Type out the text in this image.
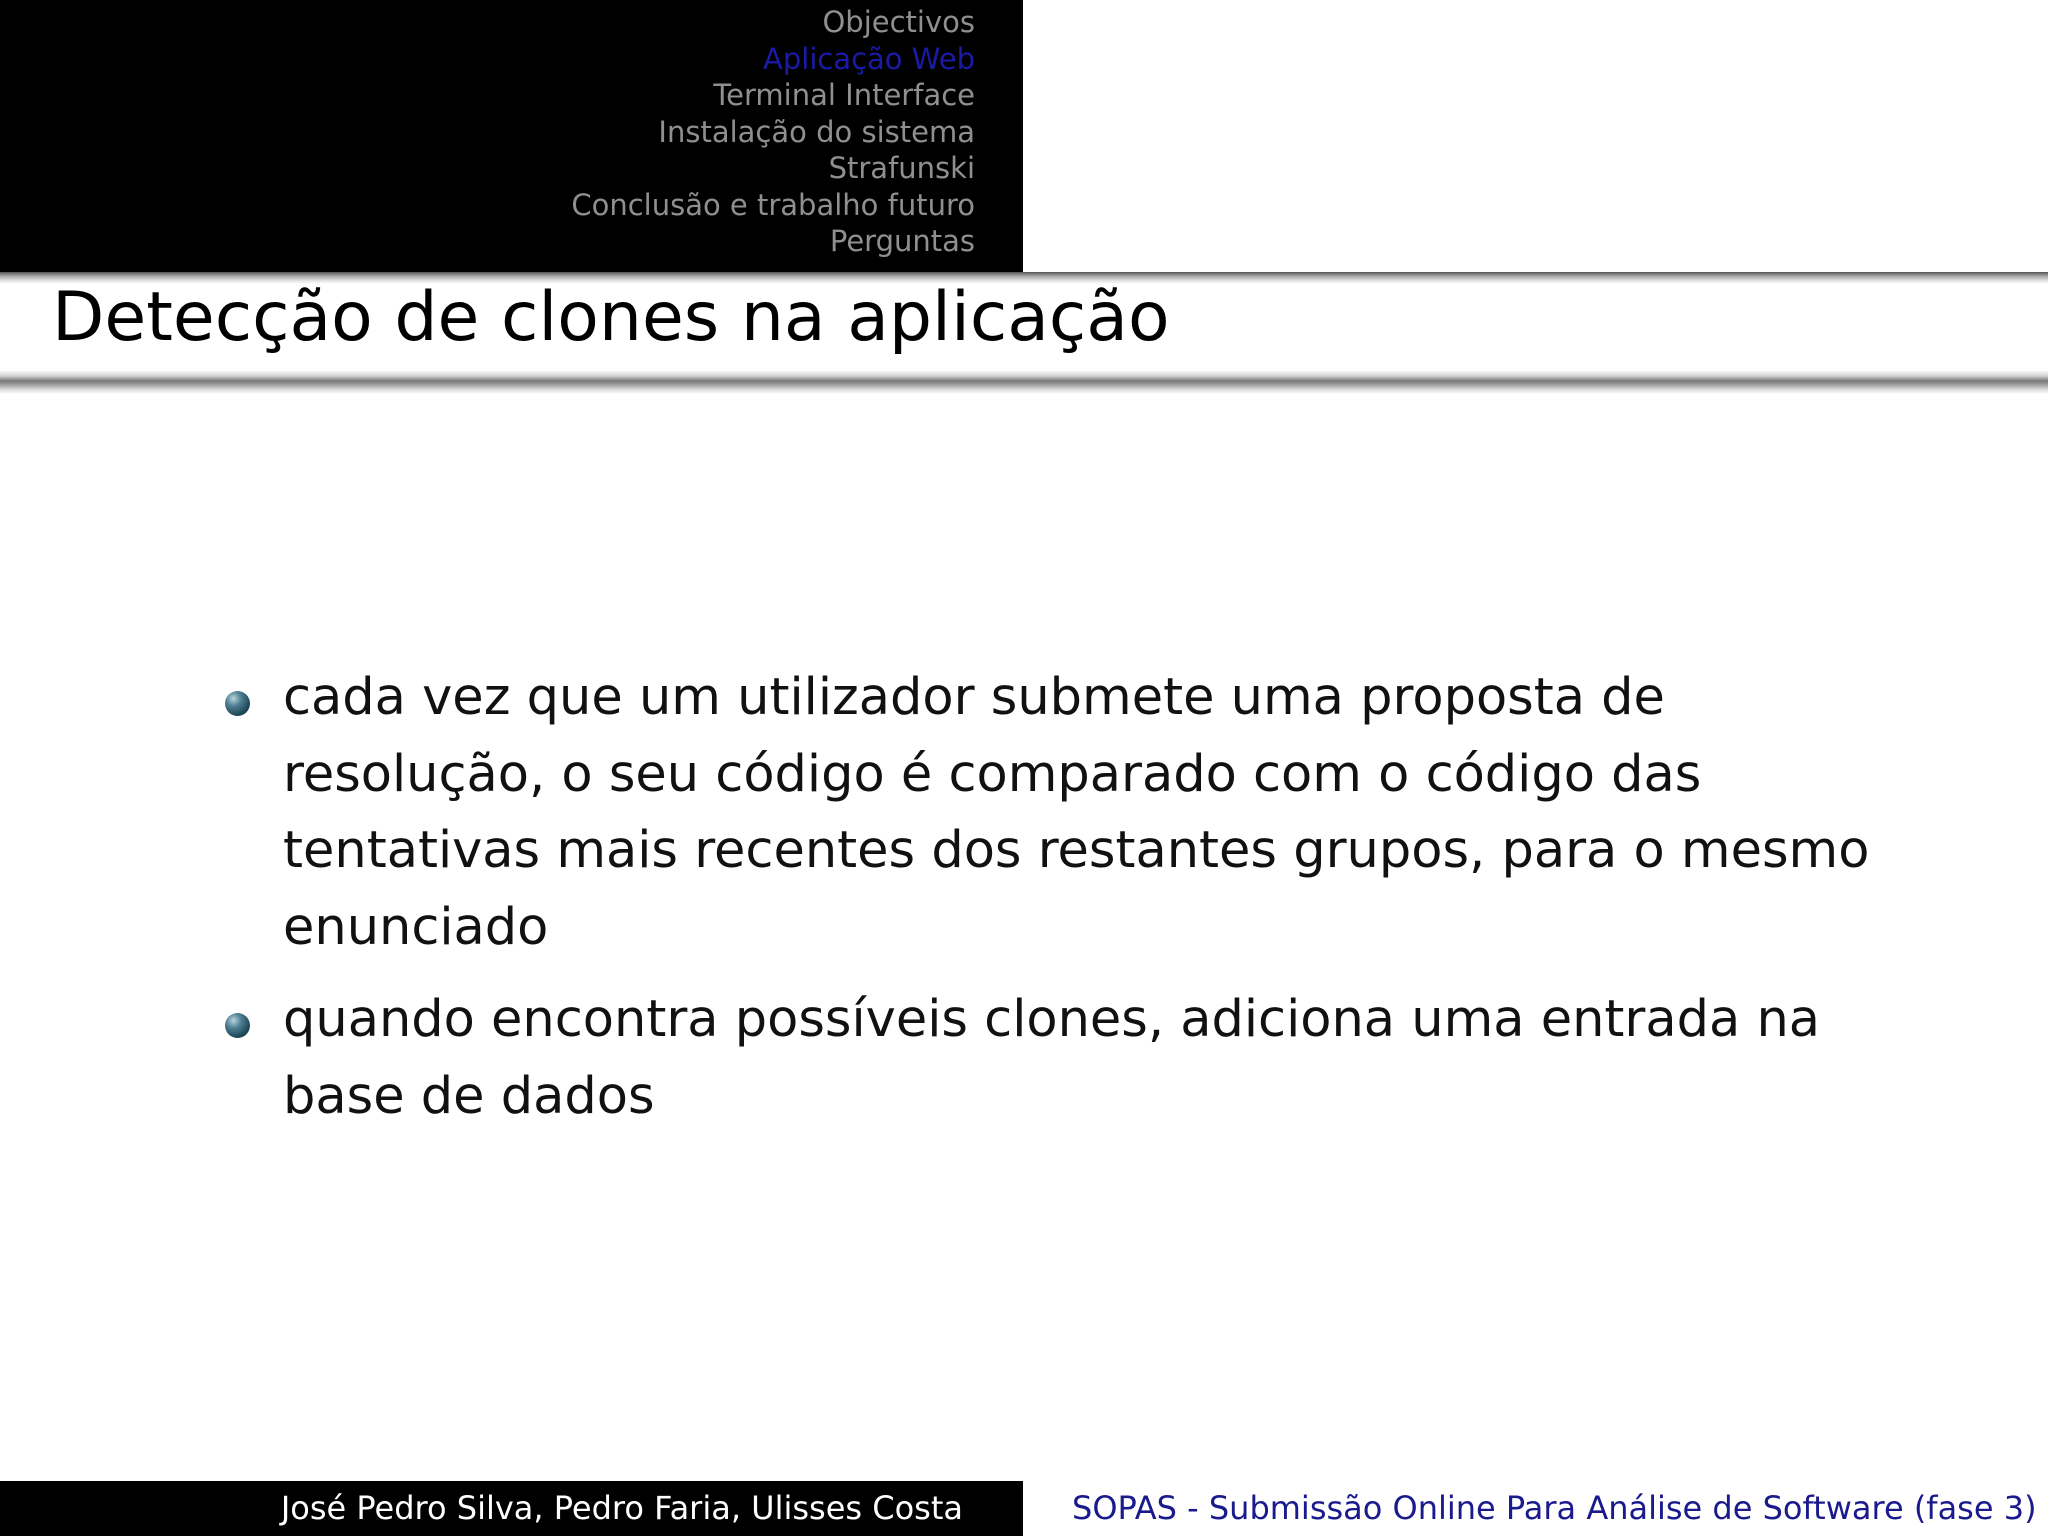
Objectivos
Aplicação Web
Terminal Interface
Instalação do sistema
Strafunski
Conclusão e trabalho futuro
Perguntas
Detecção de clones na aplicação
cada vez que um utilizador submete uma proposta de resolução, o seu código é comparado com o código das tentativas mais recentes dos restantes grupos, para o mesmo enunciado
quando encontra possíveis clones, adiciona uma entrada na base de dados
José Pedro Silva, Pedro Faria, Ulisses Costa	SOPAS - Submissão Online Para Análise de Software (fase 3)
